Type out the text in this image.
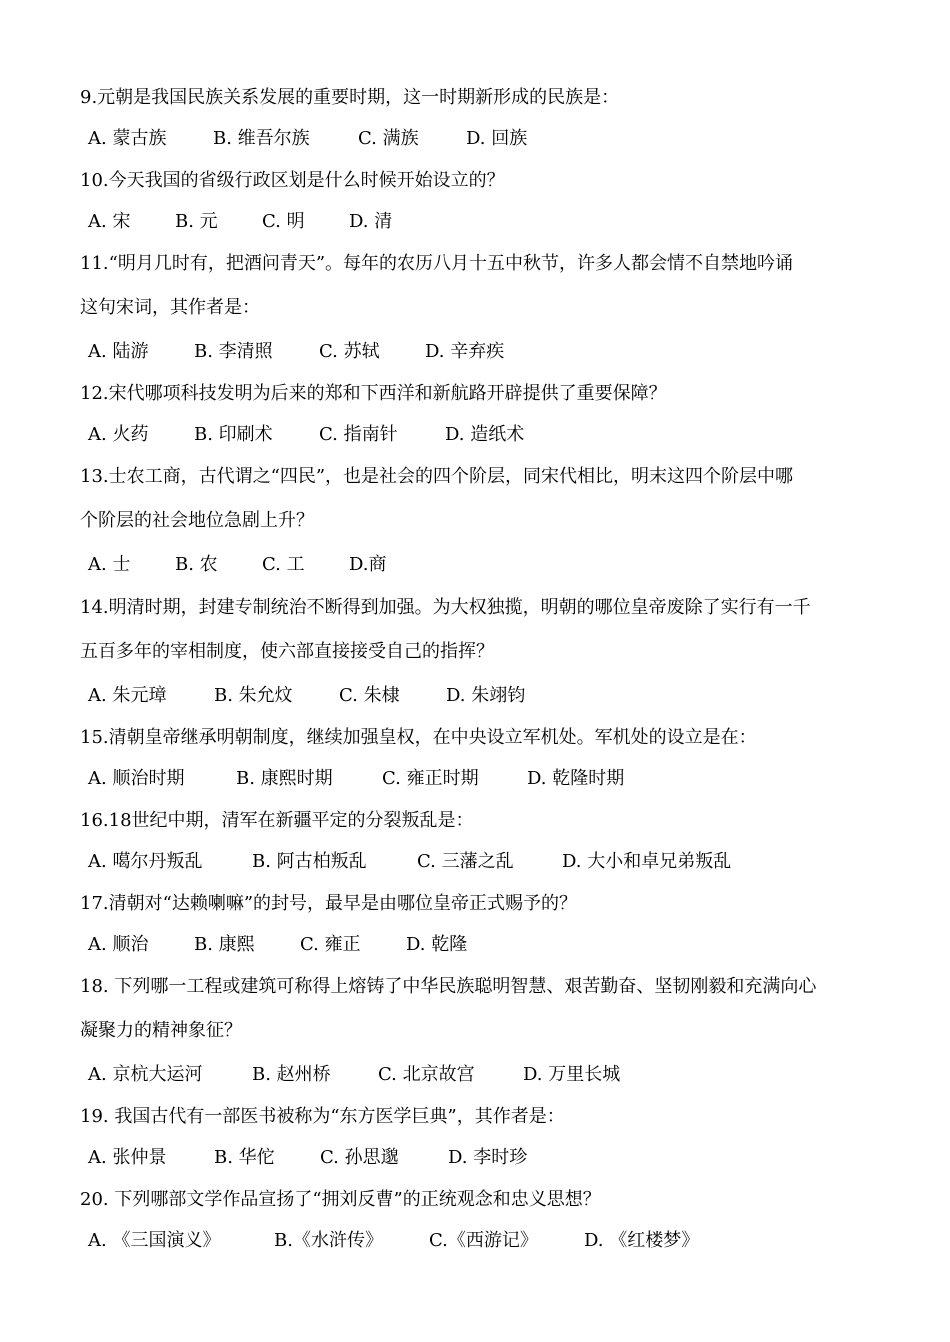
9.元朝是我国民族关系发展的重要时期，这一时期新形成的民族是：
A. 蒙古族	B. 维吾尔族	C. 满族	D. 回族
10.今天我国的省级行政区划是什么时候开始设立的？
A. 宋 B. 元 C. 明 D. 清
11.“明月几时有，把酒问青天”。每年的农历八月十五中秋节，许多人都会情不自禁地吟诵
这句宋词，其作者是：
A. 陆游	B. 李清照	C. 苏轼	D. 辛弃疾
12.宋代哪项科技发明为后来的郑和下西洋和新航路开辟提供了重要保障？
A. 火药	B. 印刷术	C. 指南针	D. 造纸术
13.士农工商，古代谓之“四民”，也是社会的四个阶层，同宋代相比，明末这四个阶层中哪
个阶层的社会地位急剧上升？
A. 士 B. 农 C. 工 D.商
14.明清时期，封建专制统治不断得到加强。为大权独揽，明朝的哪位皇帝废除了实行有一千
五百多年的宰相制度，使六部直接接受自己的指挥？
A. 朱元璋	B. 朱允炆	C. 朱棣	D. 朱翊钧
15.清朝皇帝继承明朝制度，继续加强皇权，在中央设立军机处。军机处的设立是在：
A. 顺治时期	B. 康熙时期	C. 雍正时期	D. 乾隆时期
16.18世纪中期，清军在新疆平定的分裂叛乱是：
A. 噶尔丹叛乱	B. 阿古柏叛乱	C. 三藩之乱	D. 大小和卓兄弟叛乱
17.清朝对“达赖喇嘛”的封号，最早是由哪位皇帝正式赐予的？
A. 顺治	B. 康熙	C. 雍正	D. 乾隆
18. 下列哪一工程或建筑可称得上熔铸了中华民族聪明智慧、艰苦勤奋、坚韧刚毅和充满向心
凝聚力的精神象征？
A. 京杭大运河	B. 赵州桥	C. 北京故宫	D. 万里长城
19. 我国古代有一部医书被称为“东方医学巨典”，其作者是：
A. 张仲景	B. 华佗	C. 孙思邈	D. 李时珍
20. 下列哪部文学作品宣扬了“拥刘反曹”的正统观念和忠义思想？
A. 《三国演义》	B.《水浒传》	C.《西游记》	D. 《红楼梦》
